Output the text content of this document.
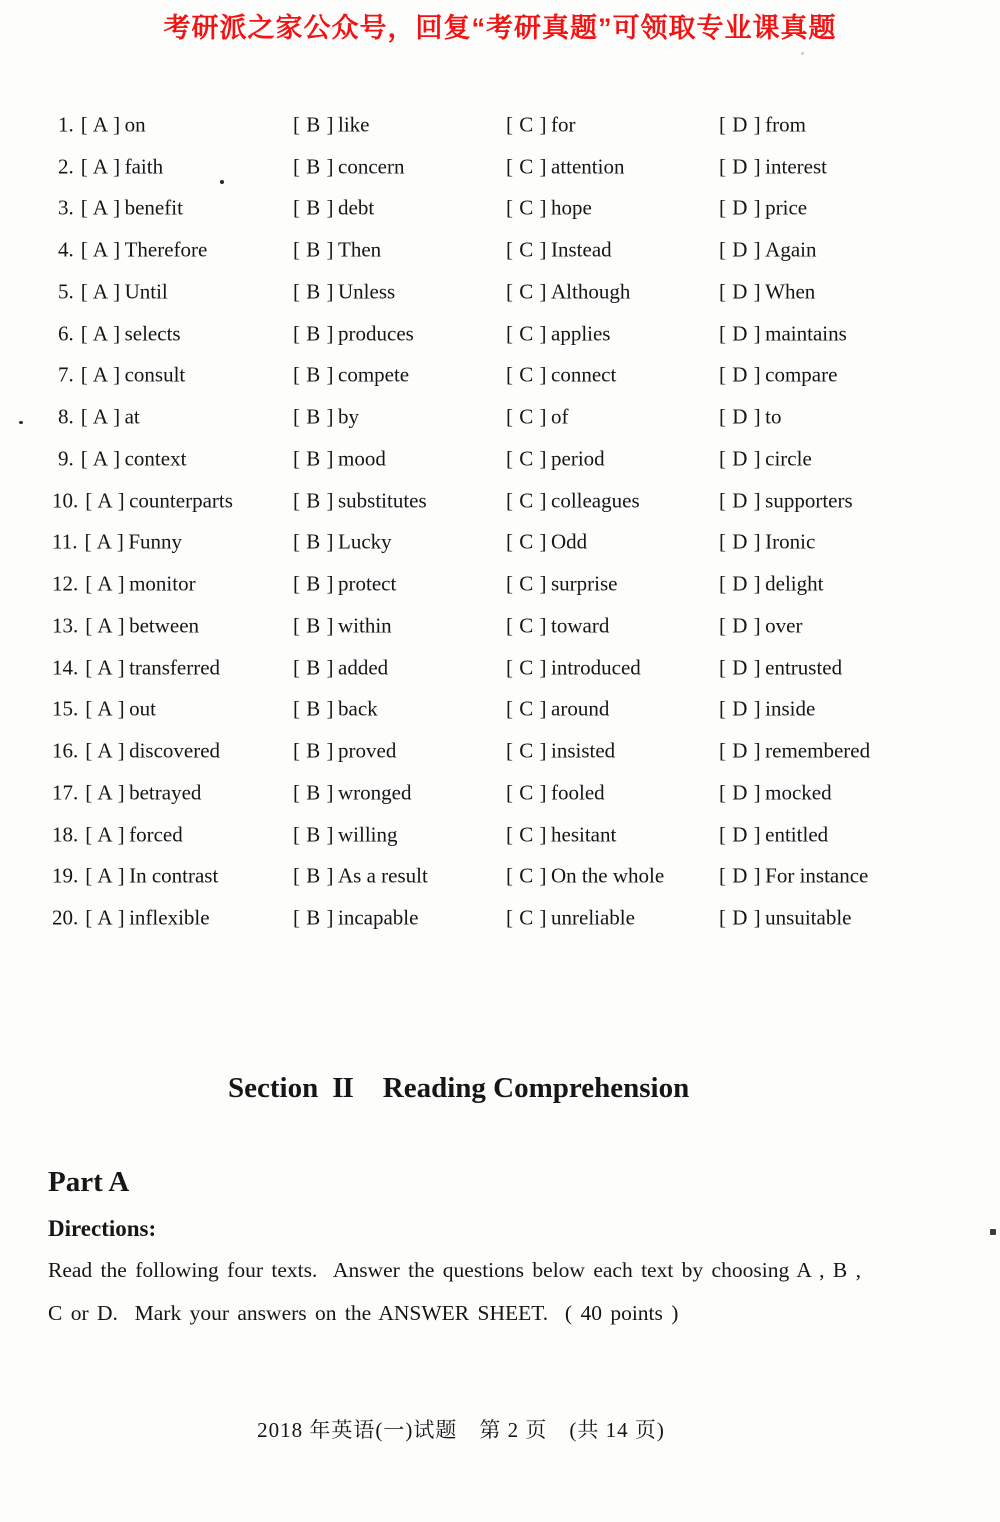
考研派之家公众号，回复“考研真题”可领取专业课真题
1. [ A ] on	[ B ] like	[ C ] for	[ D ] from
2. [ A ] faith	[ B ] concern	[ C ] attention	[ D ] interest
3. [ A ] benefit	[ B ] debt	[ C ] hope	[ D ] price
4. [ A ] Therefore	[ B ] Then	[ C ] Instead	[ D ] Again
5. [ A ] Until	[ B ] Unless	[ C ] Although	[ D ] When
6. [ A ] selects	[ B ] produces	[ C ] applies	[ D ] maintains
7. [ A ] consult	[ B ] compete	[ C ] connect	[ D ] compare
8. [ A ] at	[ B ] by	[ C ] of	[ D ] to
9. [ A ] context	[ B ] mood	[ C ] period	[ D ] circle
10. [ A ] counterparts	[ B ] substitutes	[ C ] colleagues	[ D ] supporters
11. [ A ] Funny	[ B ] Lucky	[ C ] Odd	[ D ] Ironic
12. [ A ] monitor	[ B ] protect	[ C ] surprise	[ D ] delight
13. [ A ] between	[ B ] within	[ C ] toward	[ D ] over
14. [ A ] transferred	[ B ] added	[ C ] introduced	[ D ] entrusted
15. [ A ] out	[ B ] back	[ C ] around	[ D ] inside
16. [ A ] discovered	[ B ] proved	[ C ] insisted	[ D ] remembered
17. [ A ] betrayed	[ B ] wronged	[ C ] fooled	[ D ] mocked
18. [ A ] forced	[ B ] willing	[ C ] hesitant	[ D ] entitled
19. [ A ] In contrast	[ B ] As a result	[ C ] On the whole	[ D ] For instance
20. [ A ] inflexible	[ B ] incapable	[ C ] unreliable	[ D ] unsuitable
Section II Reading Comprehension
Part A
Directions:
Read the following four texts.  Answer the questions below each text by choosing A , B ,
C or D.  Mark your answers on the ANSWER SHEET.  ( 40 points )
2018 年英语(一)试题　第 2 页　(共 14 页)
